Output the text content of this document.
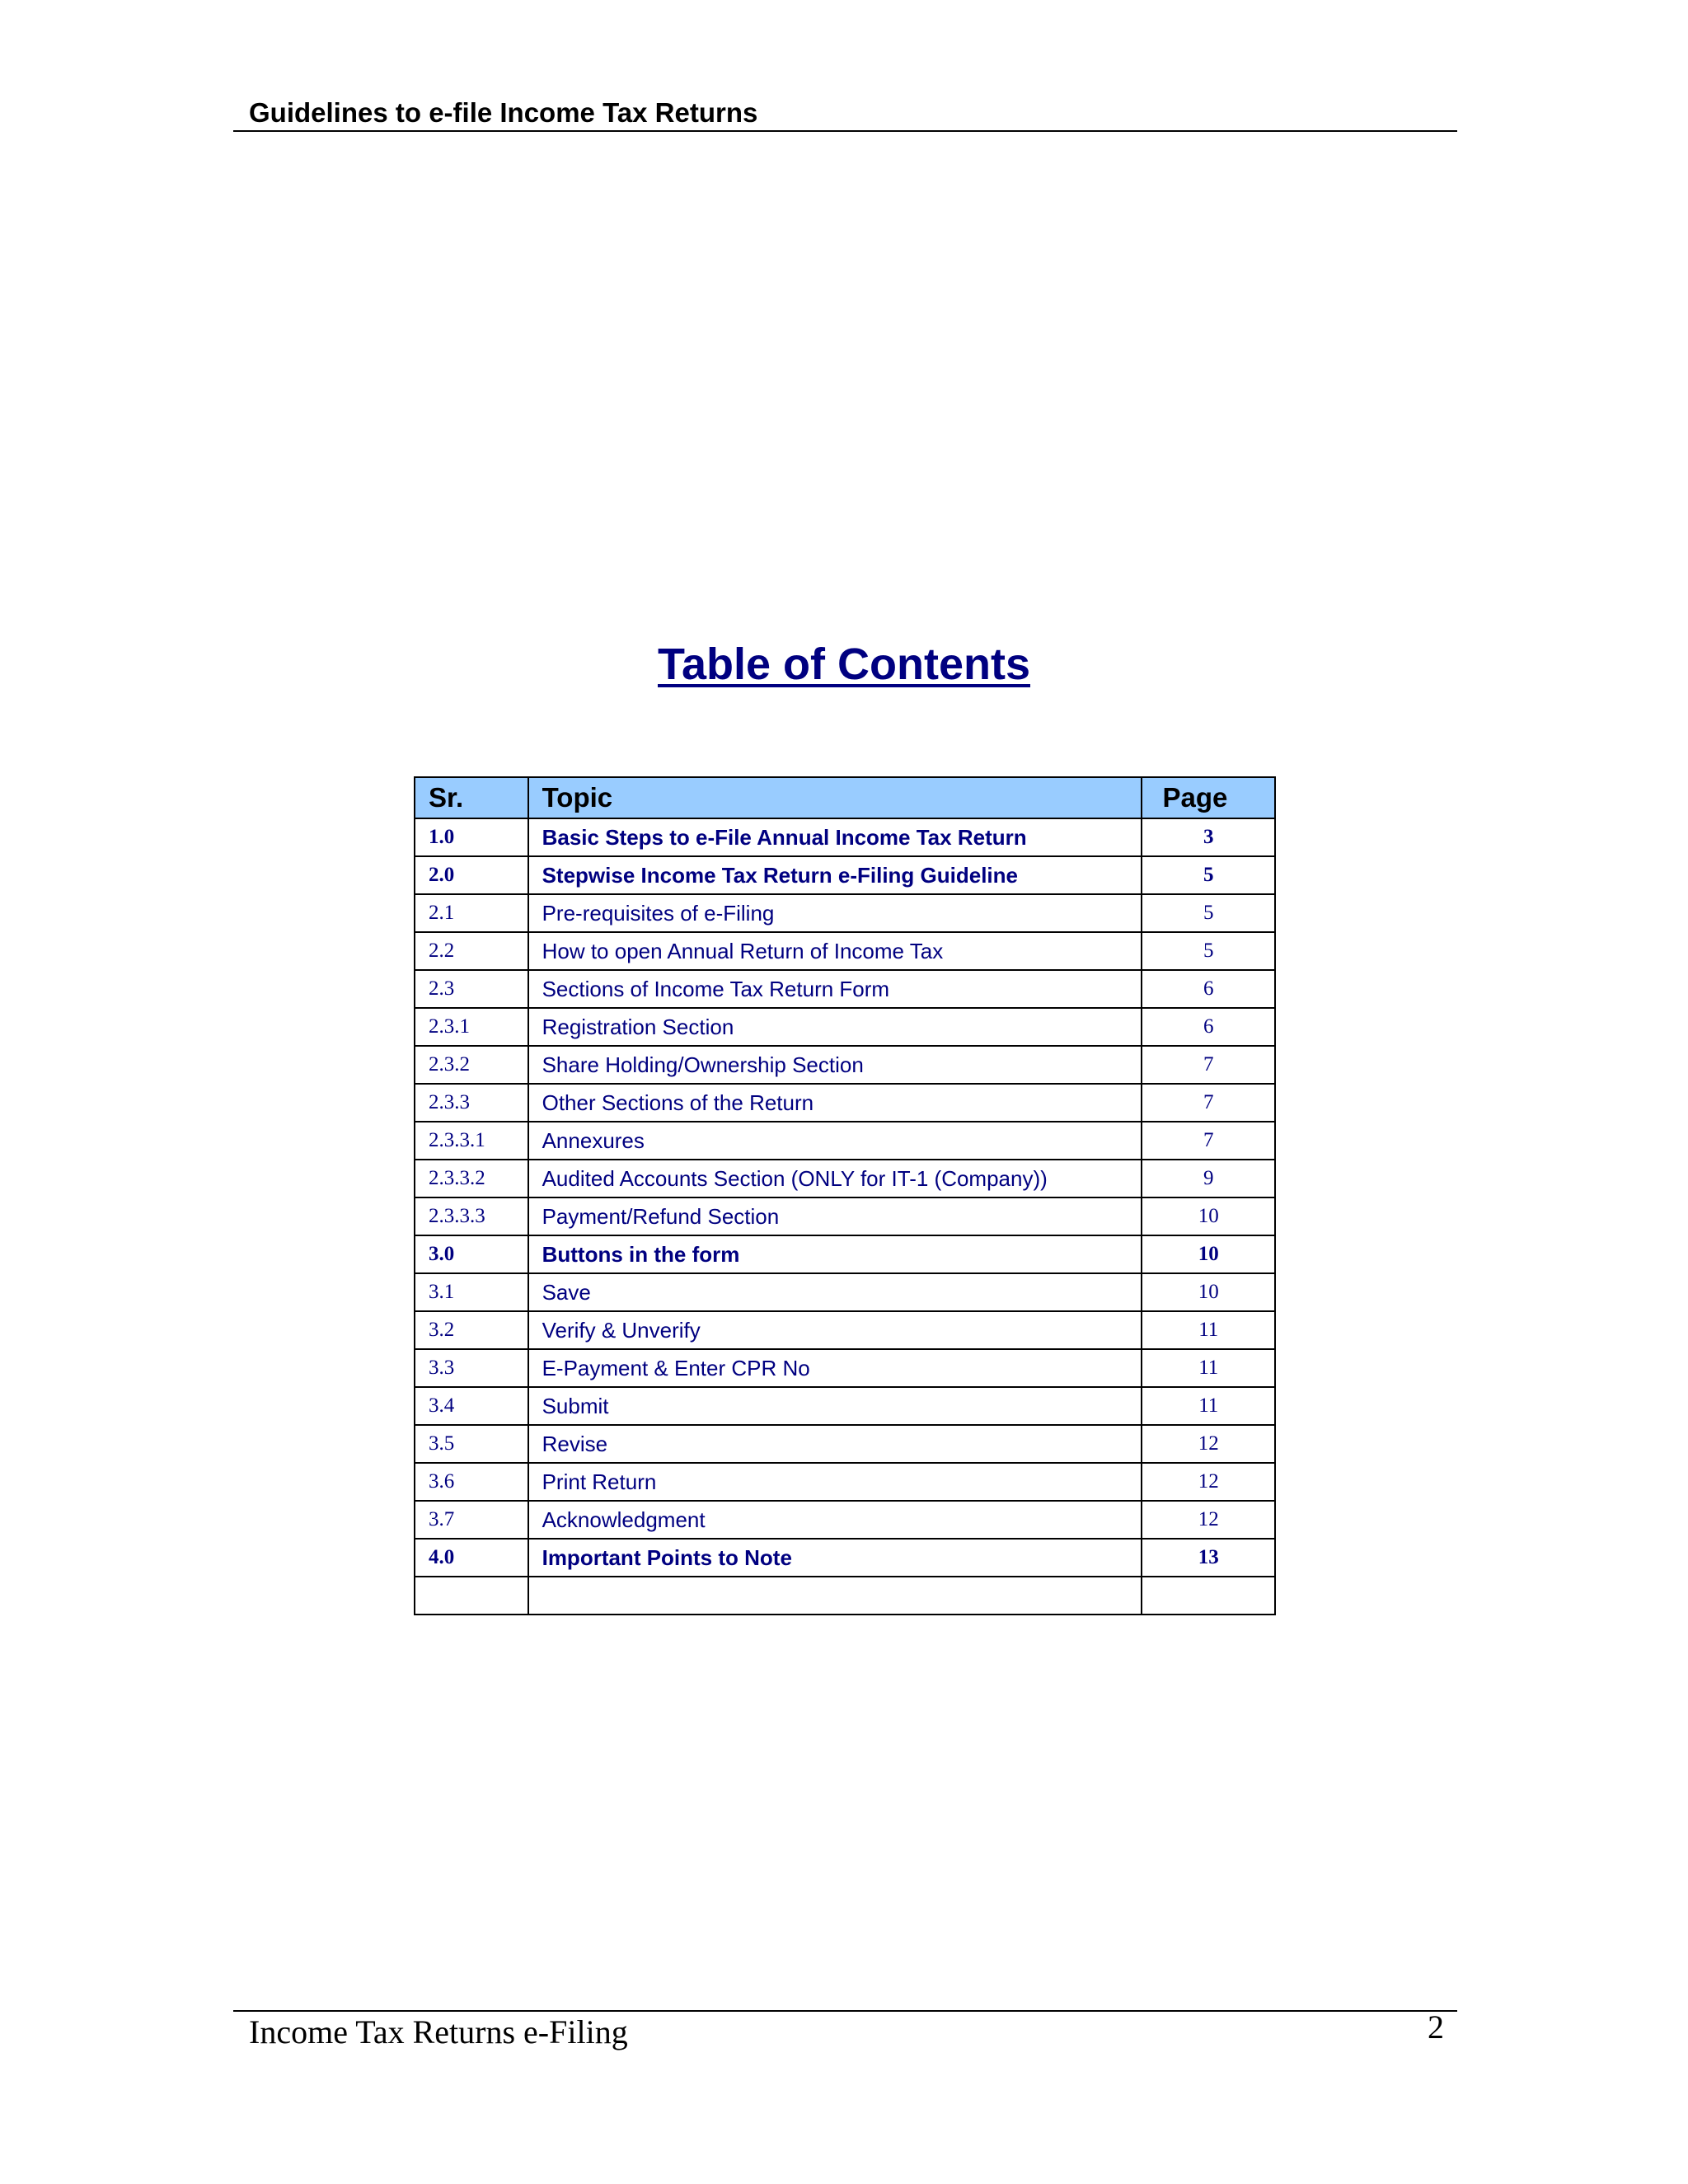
Guidelines to e-file Income Tax Returns
Table of Contents
Sr.	Topic	Page
1.0	Basic Steps to e-File Annual Income Tax Return	3
2.0	Stepwise Income Tax Return e-Filing Guideline	5
2.1	Pre-requisites of e-Filing	5
2.2	How to open Annual Return of Income Tax	5
2.3	Sections of Income Tax Return Form	6
2.3.1	Registration Section	6
2.3.2	Share Holding/Ownership Section	7
2.3.3	Other Sections of the Return	7
2.3.3.1	Annexures	7
2.3.3.2	Audited Accounts Section (ONLY for IT-1 (Company))	9
2.3.3.3	Payment/Refund Section	10
3.0	Buttons in the form	10
3.1	Save	10
3.2	Verify & Unverify	11
3.3	E-Payment & Enter CPR No	11
3.4	Submit	11
3.5	Revise	12
3.6	Print Return	12
3.7	Acknowledgment	12
4.0	Important Points to Note	13

Income Tax Returns e-Filing	2
